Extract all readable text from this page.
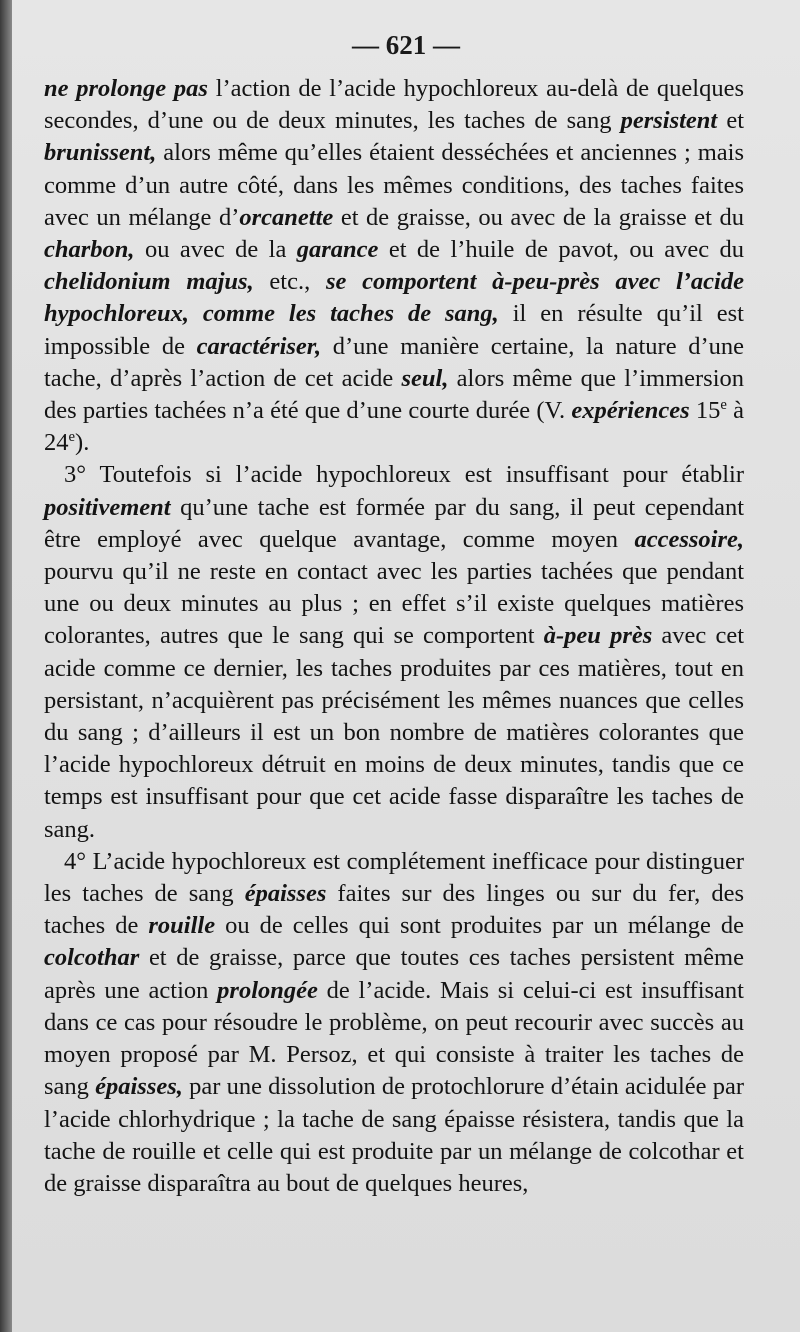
— 621 —

ne prolonge pas l’action de l’acide hypochloreux au-delà de quelques secondes, d’une ou de deux minutes, les taches de sang persistent et brunissent, alors même qu’elles étaient desséchées et anciennes ; mais comme d’un autre côté, dans les mêmes conditions, des taches faites avec un mélange d’orcanette et de graisse, ou avec de la graisse et du charbon, ou avec de la garance et de l’huile de pavot, ou avec du chelidonium majus, etc., se comportent à-peu-près avec l’acide hypochloreux, comme les taches de sang, il en résulte qu’il est impossible de caractériser, d’une manière certaine, la nature d’une tache, d’après l’action de cet acide seul, alors même que l’immersion des parties tachées n’a été que d’une courte durée (V. expériences 15e à 24e).

3° Toutefois si l’acide hypochloreux est insuffisant pour établir positivement qu’une tache est formée par du sang, il peut cependant être employé avec quelque avantage, comme moyen accessoire, pourvu qu’il ne reste en contact avec les parties tachées que pendant une ou deux minutes au plus ; en effet s’il existe quelques matières colorantes, autres que le sang qui se comportent à-peu près avec cet acide comme ce dernier, les taches produites par ces matières, tout en persistant, n’acquièrent pas précisément les mêmes nuances que celles du sang ; d’ailleurs il est un bon nombre de matières colorantes que l’acide hypochloreux détruit en moins de deux minutes, tandis que ce temps est insuffisant pour que cet acide fasse disparaître les taches de sang.

4° L’acide hypochloreux est complétement inefficace pour distinguer les taches de sang épaisses faites sur des linges ou sur du fer, des taches de rouille ou de celles qui sont produites par un mélange de colcothar et de graisse, parce que toutes ces taches persistent même après une action prolongée de l’acide. Mais si celui-ci est insuffisant dans ce cas pour résoudre le problème, on peut recourir avec succès au moyen proposé par M. Persoz, et qui consiste à traiter les taches de sang épaisses, par une dissolution de protochlorure d’étain acidulée par l’acide chlorhydrique ; la tache de sang épaisse résistera, tandis que la tache de rouille et celle qui est produite par un mélange de colcothar et de graisse disparaîtra au bout de quelques heures,
